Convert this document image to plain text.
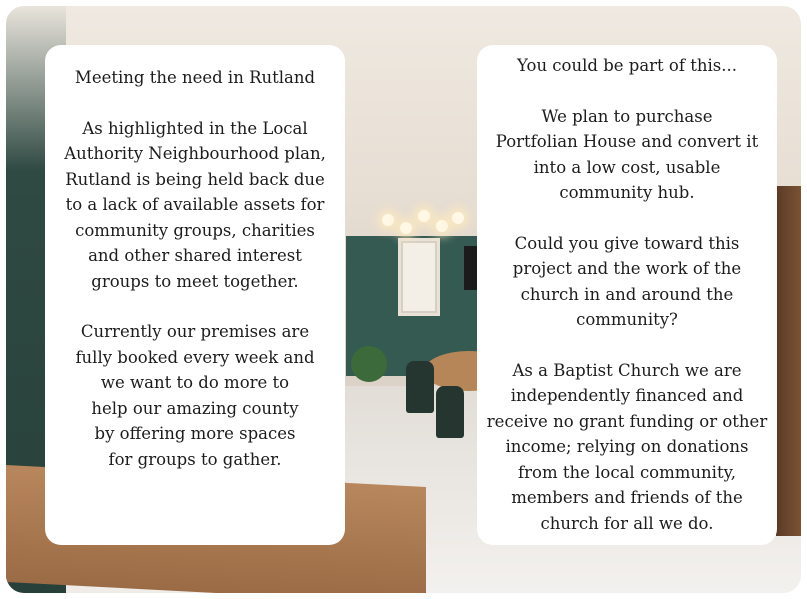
Meeting the need in Rutland

As highlighted in the Local
Authority Neighbourhood plan,
Rutland is being held back due
to a lack of available assets for
community groups, charities
and other shared interest
groups to meet together.

Currently our premises are
fully booked every week and
we want to do more to
help our amazing county
by offering more spaces
for groups to gather.

You could be part of this...

We plan to purchase
Portfolian House and convert it
into a low cost, usable
community hub.

Could you give toward this
project and the work of the
church in and around the
community?

As a Baptist Church we are
independently financed and
receive no grant funding or other
income; relying on donations
from the local community,
members and friends of the
church for all we do.
